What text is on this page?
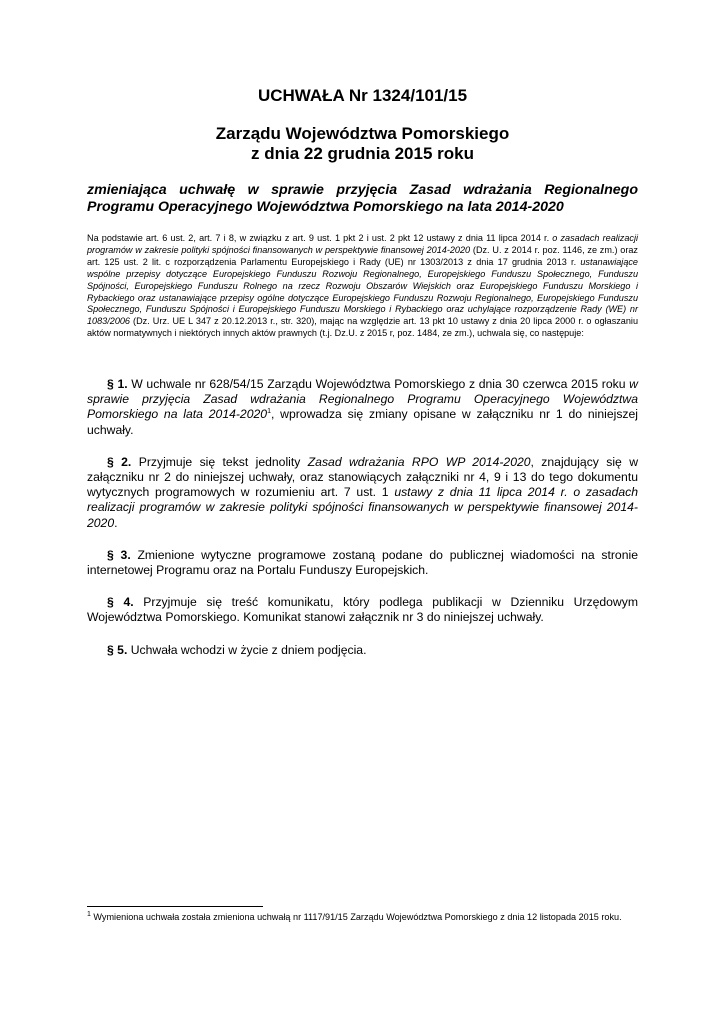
UCHWAŁA Nr 1324/101/15
Zarządu Województwa Pomorskiego
z dnia 22 grudnia 2015 roku
zmieniająca uchwałę w sprawie przyjęcia Zasad wdrażania Regionalnego Programu Operacyjnego Województwa Pomorskiego na lata 2014-2020
Na podstawie art. 6 ust. 2, art. 7 i 8, w związku z art. 9 ust. 1 pkt 2 i ust. 2 pkt 12 ustawy z dnia 11 lipca 2014 r. o zasadach realizacji programów w zakresie polityki spójności finansowanych w perspektywie finansowej 2014-2020 (Dz. U. z 2014 r. poz. 1146, ze zm.) oraz art. 125 ust. 2 lit. c rozporządzenia Parlamentu Europejskiego i Rady (UE) nr 1303/2013 z dnia 17 grudnia 2013 r. ustanawiające wspólne przepisy dotyczące Europejskiego Funduszu Rozwoju Regionalnego, Europejskiego Funduszu Społecznego, Funduszu Spójności, Europejskiego Funduszu Rolnego na rzecz Rozwoju Obszarów Wiejskich oraz Europejskiego Funduszu Morskiego i Rybackiego oraz ustanawiające przepisy ogólne dotyczące Europejskiego Funduszu Rozwoju Regionalnego, Europejskiego Funduszu Społecznego, Funduszu Spójności i Europejskiego Funduszu Morskiego i Rybackiego oraz uchylające rozporządzenie Rady (WE) nr 1083/2006 (Dz. Urz. UE L 347 z 20.12.2013 r., str. 320), mając na względzie art. 13 pkt 10 ustawy z dnia 20 lipca 2000 r. o ogłaszaniu aktów normatywnych i niektórych innych aktów prawnych (t.j. Dz.U. z 2015 r, poz. 1484, ze zm.), uchwala się, co następuje:

§ 1. W uchwale nr 628/54/15 Zarządu Województwa Pomorskiego z dnia 30 czerwca 2015 roku w sprawie przyjęcia Zasad wdrażania Regionalnego Programu Operacyjnego Województwa Pomorskiego na lata 2014-2020$^1$, wprowadza się zmiany opisane w załączniku nr 1 do niniejszej uchwały.

§ 2. Przyjmuje się tekst jednolity Zasad wdrażania RPO WP 2014-2020, znajdujący się w załączniku nr 2 do niniejszej uchwały, oraz stanowiących załączniki nr 4, 9 i 13 do tego dokumentu wytycznych programowych w rozumieniu art. 7 ust. 1 ustawy z dnia 11 lipca 2014 r. o zasadach realizacji programów w zakresie polityki spójności finansowanych w perspektywie finansowej 2014-2020.

§ 3. Zmienione wytyczne programowe zostaną podane do publicznej wiadomości na stronie internetowej Programu oraz na Portalu Funduszy Europejskich.

§ 4. Przyjmuje się treść komunikatu, który podlega publikacji w Dzienniku Urzędowym Województwa Pomorskiego. Komunikat stanowi załącznik nr 3 do niniejszej uchwały.

§ 5. Uchwała wchodzi w życie z dniem podjęcia.

$^1$ Wymieniona uchwała została zmieniona uchwałą nr 1117/91/15 Zarządu Województwa Pomorskiego z dnia 12 listopada 2015 roku.
